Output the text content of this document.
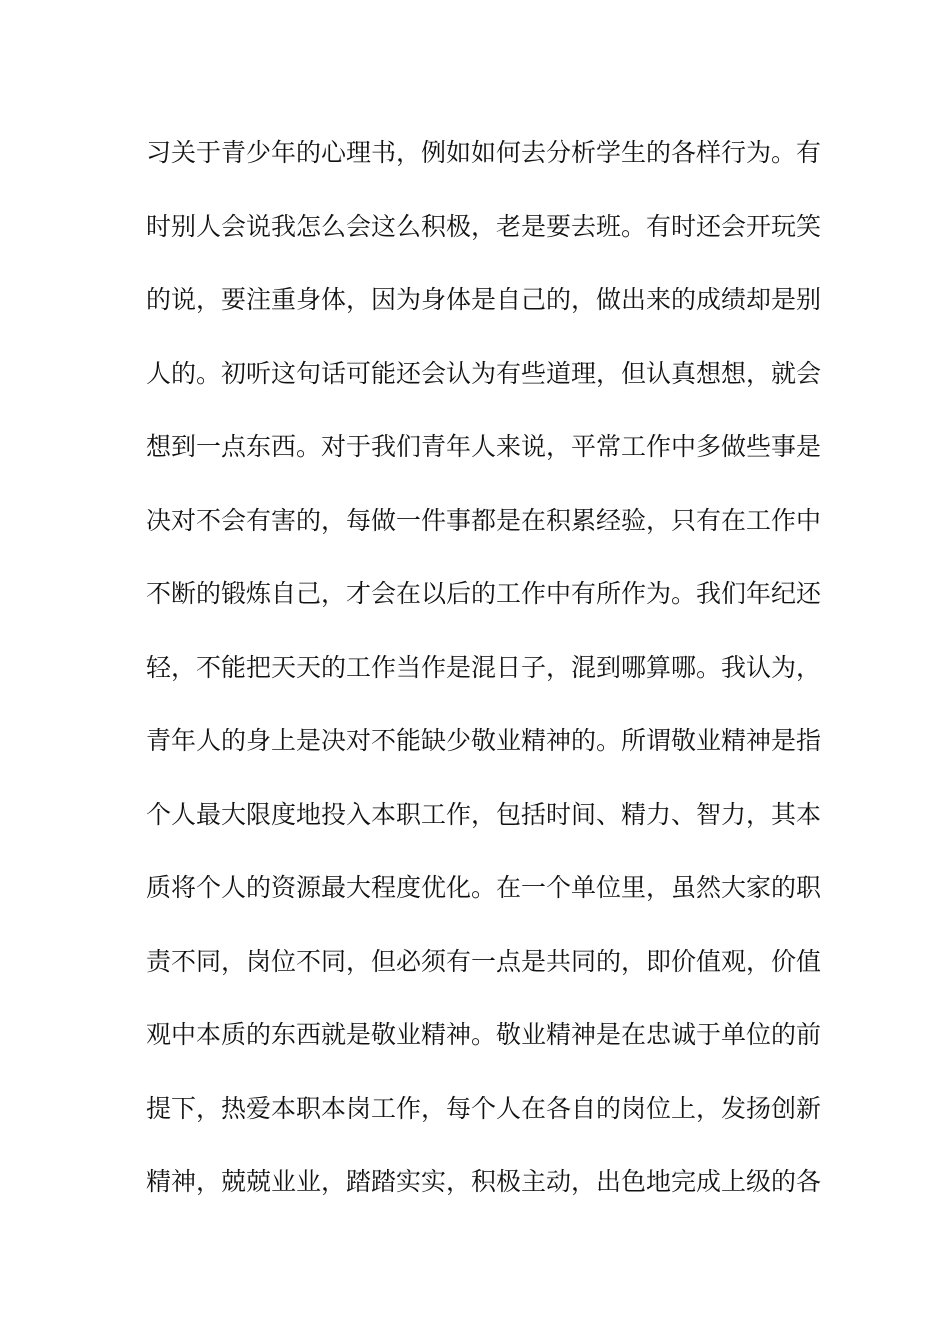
习关于青少年的心理书，例如如何去分析学生的各样行为。有
时别人会说我怎么会这么积极，老是要去班。有时还会开玩笑
的说，要注重身体，因为身体是自己的，做出来的成绩却是别
人的。初听这句话可能还会认为有些道理，但认真想想，就会
想到一点东西。对于我们青年人来说，平常工作中多做些事是
决对不会有害的，每做一件事都是在积累经验，只有在工作中
不断的锻炼自己，才会在以后的工作中有所作为。我们年纪还
轻，不能把天天的工作当作是混日子，混到哪算哪。我认为，
青年人的身上是决对不能缺少敬业精神的。所谓敬业精神是指
个人最大限度地投入本职工作，包括时间、精力、智力，其本
质将个人的资源最大程度优化。在一个单位里，虽然大家的职
责不同，岗位不同，但必须有一点是共同的，即价值观，价值
观中本质的东西就是敬业精神。敬业精神是在忠诚于单位的前
提下，热爱本职本岗工作，每个人在各自的岗位上，发扬创新
精神，兢兢业业，踏踏实实，积极主动，出色地完成上级的各
